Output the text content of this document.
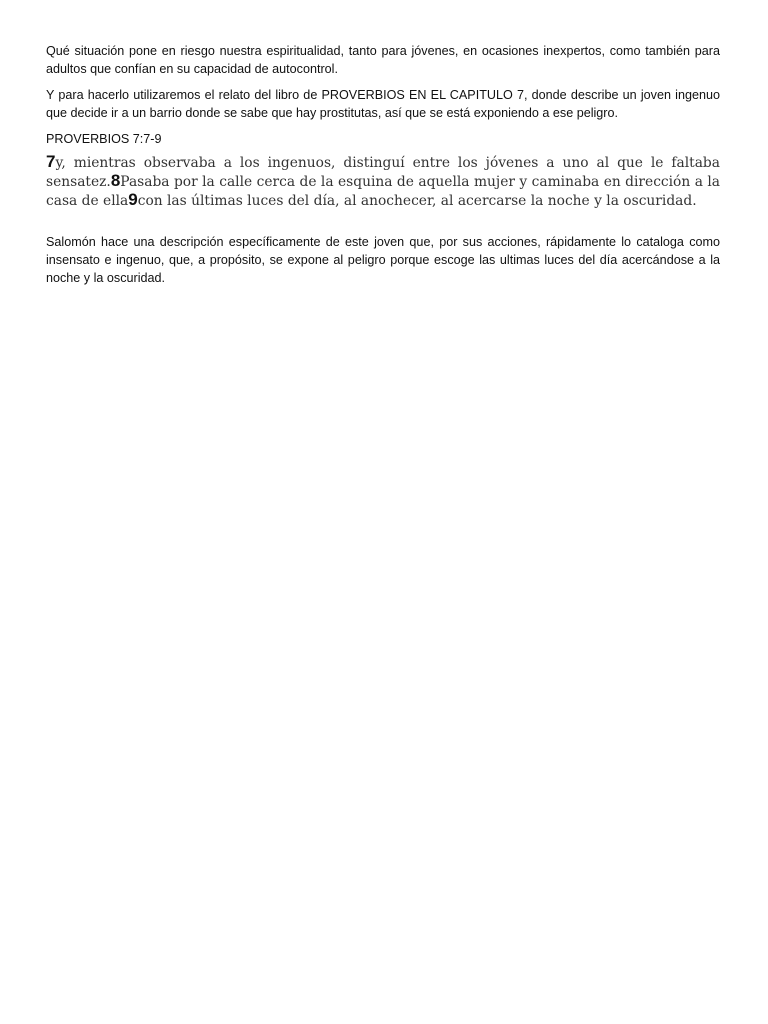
Qué situación pone en riesgo nuestra espiritualidad, tanto para jóvenes, en ocasiones inexpertos, como también para adultos que confían en su capacidad de autocontrol.

Y para hacerlo utilizaremos el relato del libro de PROVERBIOS EN EL CAPITULO 7, donde describe un joven ingenuo que decide ir a un barrio donde se sabe que hay prostitutas, así que se está exponiendo a ese peligro.

PROVERBIOS 7:7-9

7y, mientras observaba a los ingenuos, distinguí entre los jóvenes a uno al que le faltaba sensatez.8Pasaba por la calle cerca de la esquina de aquella mujer y caminaba en dirección a la casa de ella9con las últimas luces del día, al anochecer, al acercarse la noche y la oscuridad.

Salomón hace una descripción específicamente de este joven que, por sus acciones, rápidamente lo cataloga como insensato e ingenuo, que, a propósito, se expone al peligro porque escoge las ultimas luces del día acercándose a la noche y la oscuridad.
